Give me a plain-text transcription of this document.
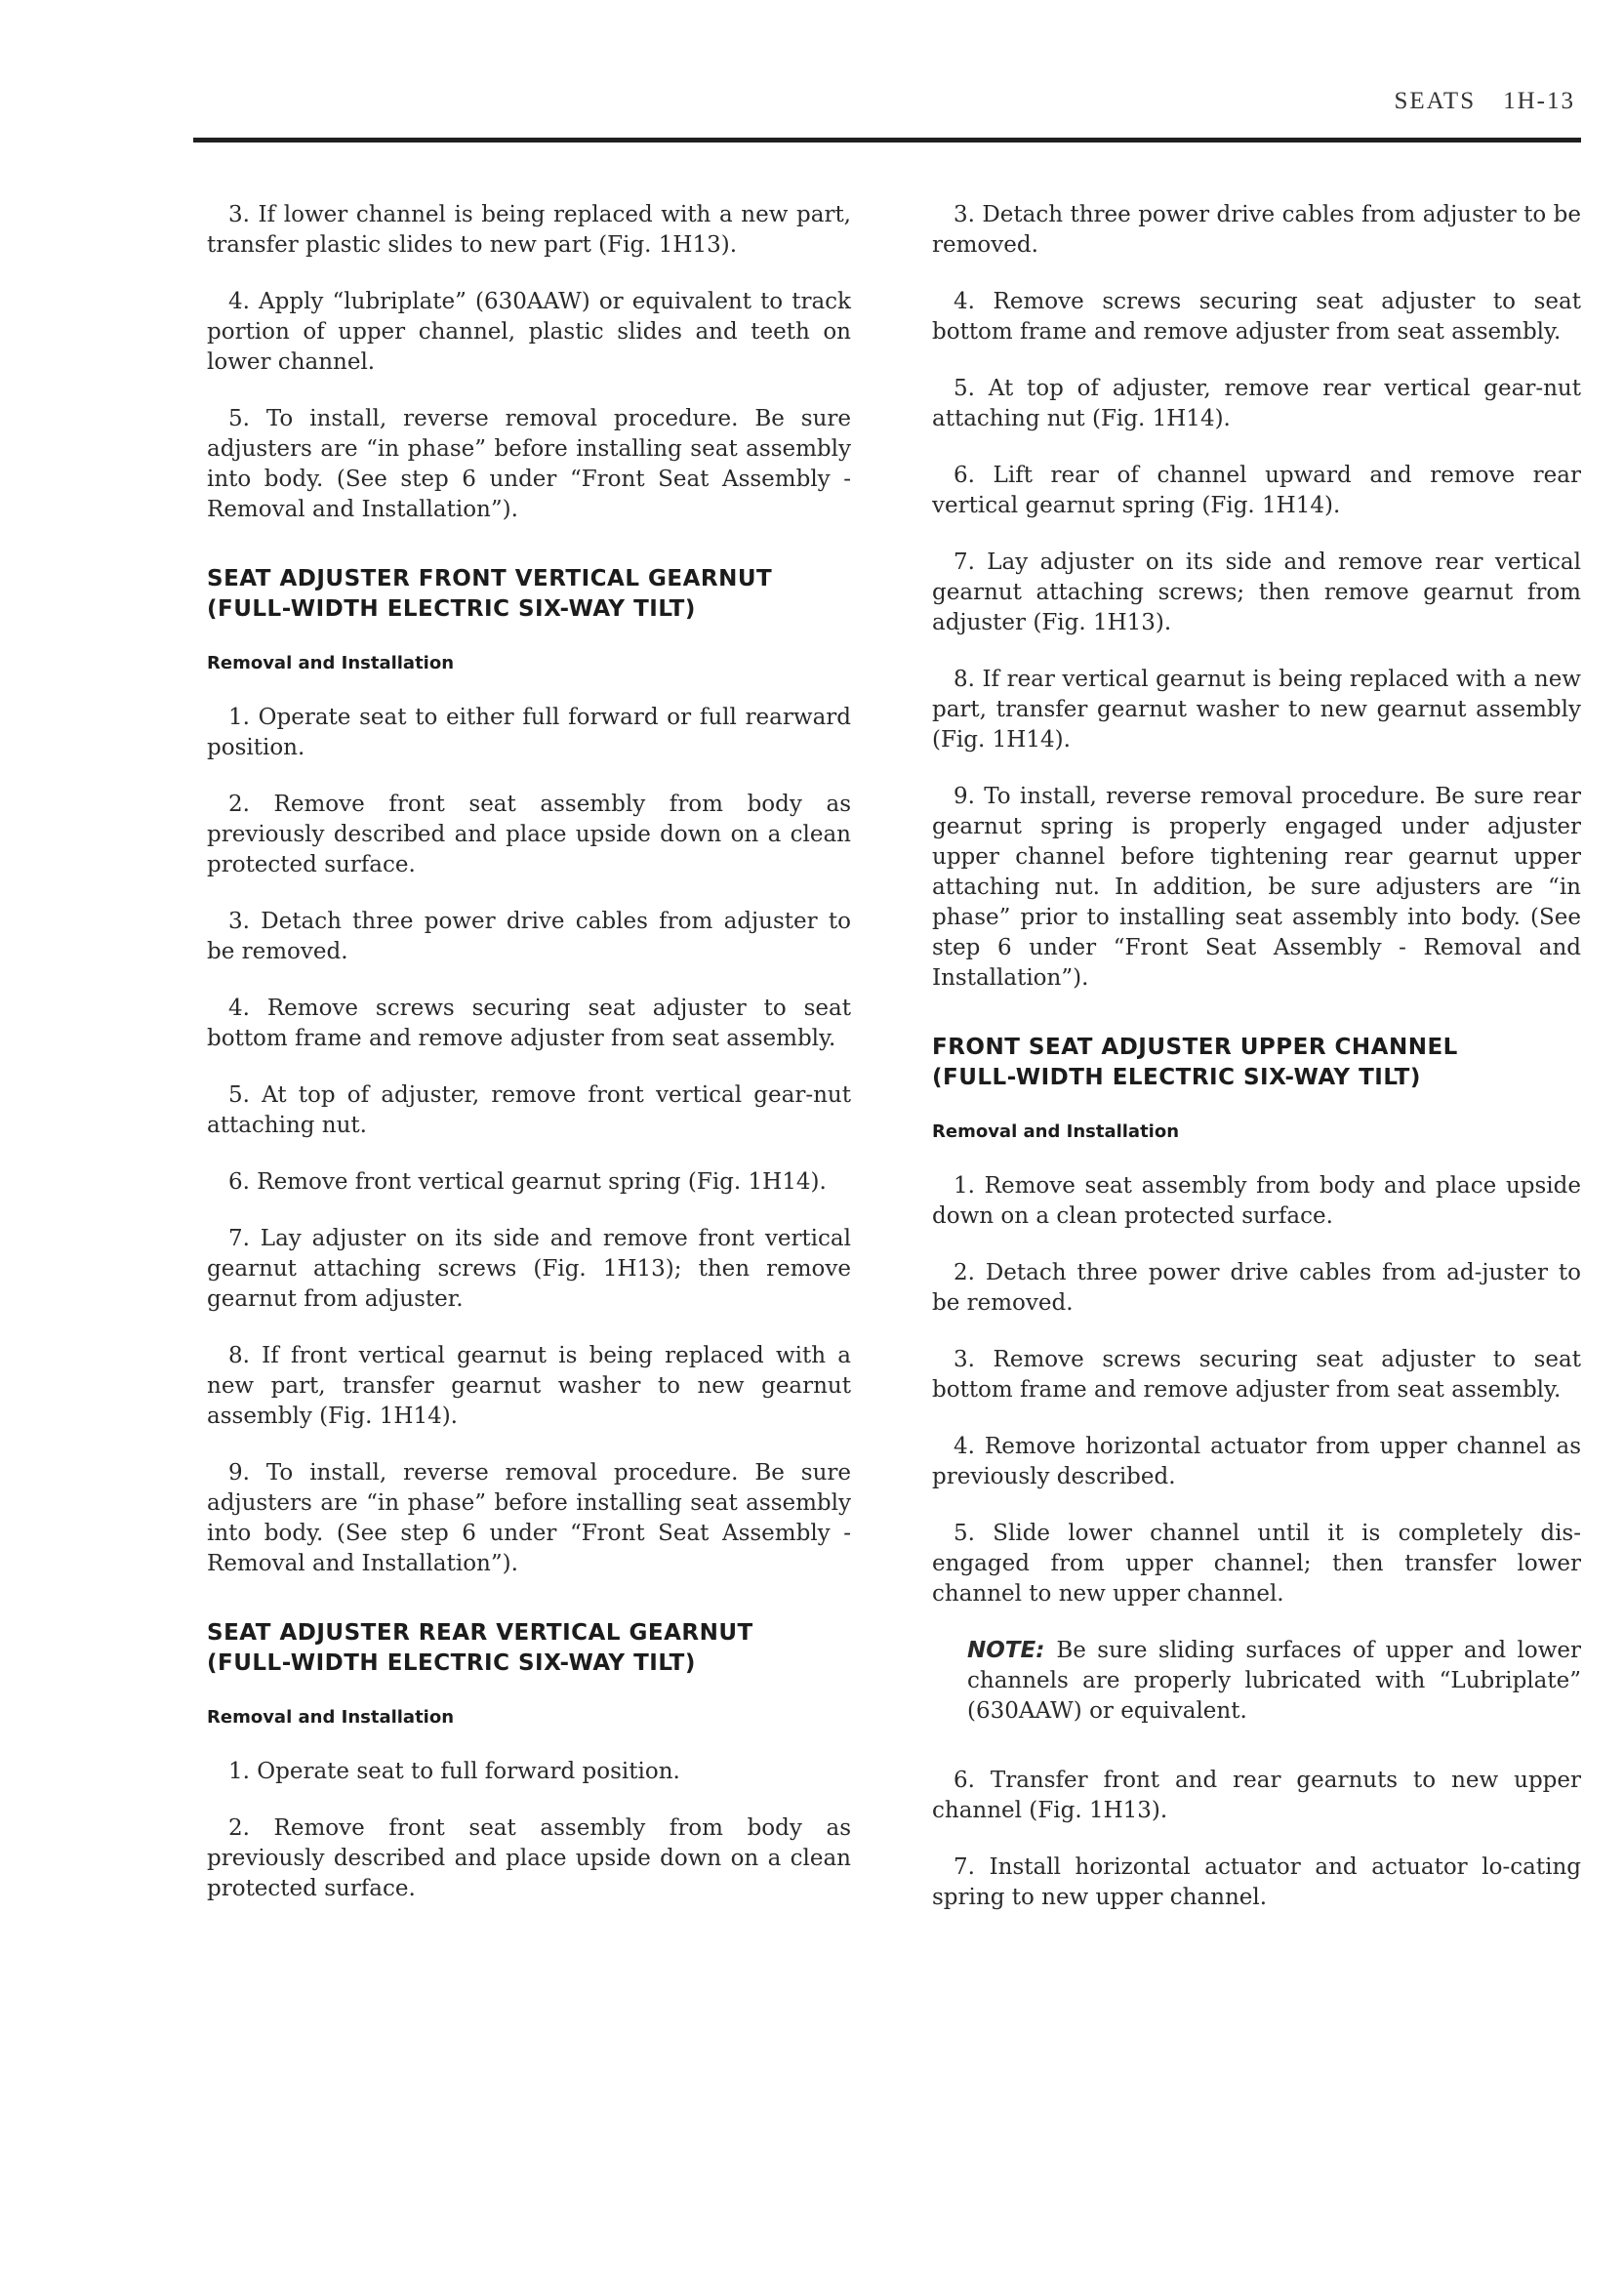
SEATS 1H-13

3. If lower channel is being replaced with a new part, transfer plastic slides to new part (Fig. 1H13).

4. Apply “lubriplate” (630AAW) or equivalent to track portion of upper channel, plastic slides and teeth on lower channel.

5. To install, reverse removal procedure. Be sure adjusters are “in phase” before installing seat assembly into body. (See step 6 under “Front Seat Assembly - Removal and Installation”).

SEAT ADJUSTER FRONT VERTICAL GEARNUT
(FULL-WIDTH ELECTRIC SIX-WAY TILT)
Removal and Installation

1. Operate seat to either full forward or full rearward position.

2. Remove front seat assembly from body as previously described and place upside down on a clean protected surface.

3. Detach three power drive cables from adjuster to be removed.

4. Remove screws securing seat adjuster to seat bottom frame and remove adjuster from seat assembly.

5. At top of adjuster, remove front vertical gear-nut attaching nut.

6. Remove front vertical gearnut spring (Fig. 1H14).

7. Lay adjuster on its side and remove front vertical gearnut attaching screws (Fig. 1H13); then remove gearnut from adjuster.

8. If front vertical gearnut is being replaced with a new part, transfer gearnut washer to new gearnut assembly (Fig. 1H14).

9. To install, reverse removal procedure. Be sure adjusters are “in phase” before installing seat assembly into body. (See step 6 under “Front Seat Assembly - Removal and Installation”).

SEAT ADJUSTER REAR VERTICAL GEARNUT
(FULL-WIDTH ELECTRIC SIX-WAY TILT)
Removal and Installation

1. Operate seat to full forward position.

2. Remove front seat assembly from body as previously described and place upside down on a clean protected surface.

3. Detach three power drive cables from adjuster to be removed.

4. Remove screws securing seat adjuster to seat bottom frame and remove adjuster from seat assembly.

5. At top of adjuster, remove rear vertical gear-nut attaching nut (Fig. 1H14).

6. Lift rear of channel upward and remove rear vertical gearnut spring (Fig. 1H14).

7. Lay adjuster on its side and remove rear vertical gearnut attaching screws; then remove gearnut from adjuster (Fig. 1H13).

8. If rear vertical gearnut is being replaced with a new part, transfer gearnut washer to new gearnut assembly (Fig. 1H14).

9. To install, reverse removal procedure. Be sure rear gearnut spring is properly engaged under adjuster upper channel before tightening rear gearnut upper attaching nut. In addition, be sure adjusters are “in phase” prior to installing seat assembly into body. (See step 6 under “Front Seat Assembly - Removal and Installation”).

FRONT SEAT ADJUSTER UPPER CHANNEL
(FULL-WIDTH ELECTRIC SIX-WAY TILT)
Removal and Installation

1. Remove seat assembly from body and place upside down on a clean protected surface.

2. Detach three power drive cables from ad-juster to be removed.

3. Remove screws securing seat adjuster to seat bottom frame and remove adjuster from seat assembly.

4. Remove horizontal actuator from upper channel as previously described.

5. Slide lower channel until it is completely dis-engaged from upper channel; then transfer lower channel to new upper channel.

NOTE: Be sure sliding surfaces of upper and lower channels are properly lubricated with “Lubriplate” (630AAW) or equivalent.

6. Transfer front and rear gearnuts to new upper channel (Fig. 1H13).

7. Install horizontal actuator and actuator lo-cating spring to new upper channel.
